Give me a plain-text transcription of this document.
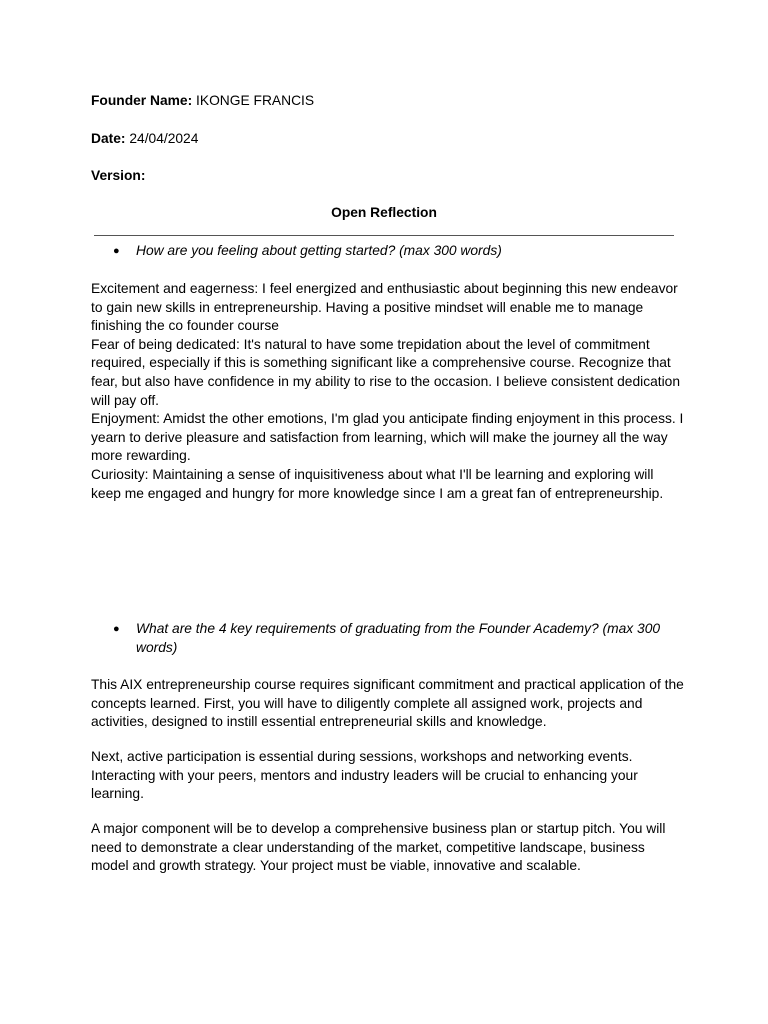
Founder Name: IKONGE FRANCIS
Date: 24/04/2024
Version:
Open Reflection
● How are you feeling about getting started? (max 300 words)

Excitement and eagerness: I feel energized and enthusiastic about beginning this new endeavor to gain new skills in entrepreneurship. Having a positive mindset will enable me to manage finishing the co founder course

Fear of being dedicated: It's natural to have some trepidation about the level of commitment required, especially if this is something significant like a comprehensive course. Recognize that fear, but also have confidence in my ability to rise to the occasion. I believe consistent dedication will pay off.

Enjoyment: Amidst the other emotions, I'm glad you anticipate finding enjoyment in this process. I yearn to derive pleasure and satisfaction from learning, which will make the journey all the way more rewarding.

Curiosity: Maintaining a sense of inquisitiveness about what I'll be learning and exploring will keep me engaged and hungry for more knowledge since I am a great fan of entrepreneurship.

● What are the 4 key requirements of graduating from the Founder Academy? (max 300 words)

This AIX entrepreneurship course requires significant commitment and practical application of the concepts learned. First, you will have to diligently complete all assigned work, projects and activities, designed to instill essential entrepreneurial skills and knowledge.

Next, active participation is essential during sessions, workshops and networking events. Interacting with your peers, mentors and industry leaders will be crucial to enhancing your learning.

A major component will be to develop a comprehensive business plan or startup pitch. You will need to demonstrate a clear understanding of the market, competitive landscape, business model and growth strategy. Your project must be viable, innovative and scalable.
